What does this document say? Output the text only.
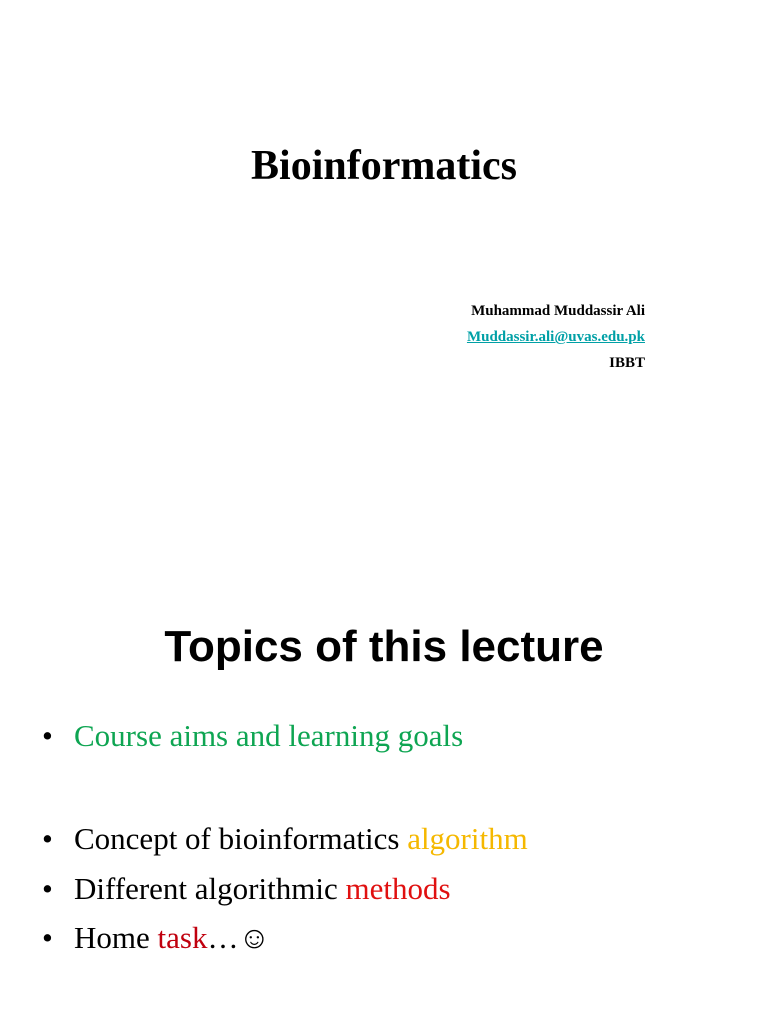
Bioinformatics
Muhammad Muddassir Ali
Muddassir.ali@uvas.edu.pk
IBBT
Topics of this lecture
• Course aims and learning goals
• Concept of bioinformatics algorithm
• Different algorithmic methods
• Home task…☺
